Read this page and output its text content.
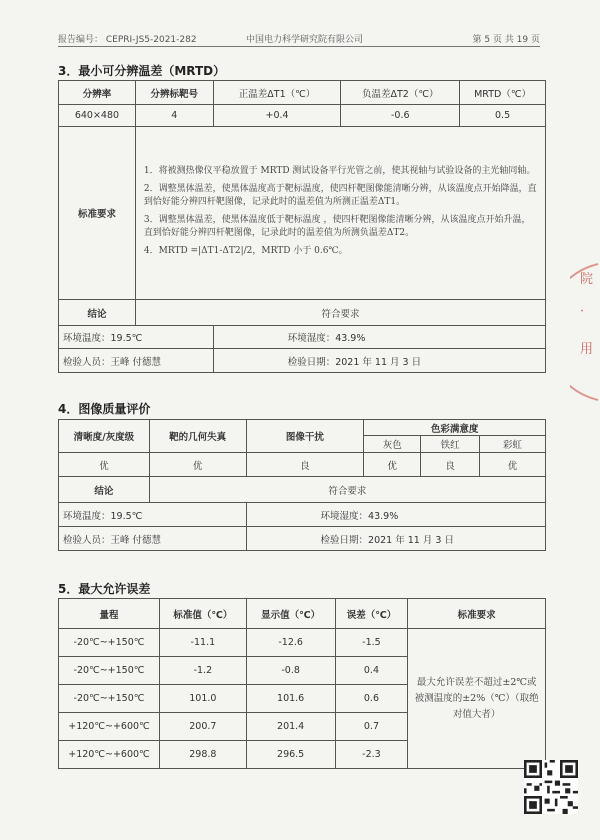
报告编号： CEPRI-JS5-2021-282	中国电力科学研究院有限公司	第 5 页 共 19 页
3．最小可分辨温差（MRTD）
分辨率	分辨标靶号	正温差ΔT1（℃）	负温差ΔT2（℃）	MRTD（℃）
640×480	4	+0.4	-0.6	0.5
标准要求	1．将被测热像仪平稳放置于 MRTD 测试设备平行光管之前，使其视轴与试验设备的主光轴同轴。

2．调整黑体温差，使黑体温度高于靶标温度，使四杆靶图像能清晰分辨，从该温度点开始降温，直到恰好能分辨四杆靶图像，记录此时的温差值为所测正温差ΔT1。

3．调整黑体温差，使黑体温度低于靶标温度 ，使四杆靶图像能清晰分辨，从该温度点开始升温，直到恰好能分辨四杆靶图像，记录此时的温差值为所测负温差ΔT2。

4．MRTD =|ΔT1-ΔT2|/2，MRTD 小于 0.6℃。			

结论	符合要求			
环境温度：19.5℃		环境湿度：43.9%		
检验人员：王峰 付德慧		检验日期：2021 年 11 月 3 日		
4．图像质量评价
清晰度/灰度级	靶的几何失真	图像干扰	色彩满意度		
			灰色	铁红	彩虹
优	优	良	优	良	优
结论	符合要求				
环境温度：19.5℃		环境湿度：43.9%			
检验人员：王峰 付德慧		检验日期：2021 年 11 月 3 日			
5．最大允许误差
量程	标准值（℃）	显示值（℃）	误差（℃）	标准要求
-20℃~+150℃	-11.1	-12.6	-1.5	最大允许误差不超过±2℃或被测温度的±2%（℃）（取绝对值大者）
-20℃~+150℃	-1.2	-0.8	0.4	
-20℃~+150℃	101.0	101.6	0.6	
+120℃~+600℃	200.7	201.4	0.7	
+120℃~+600℃	298.8	296.5	-2.3	
院
·
用
